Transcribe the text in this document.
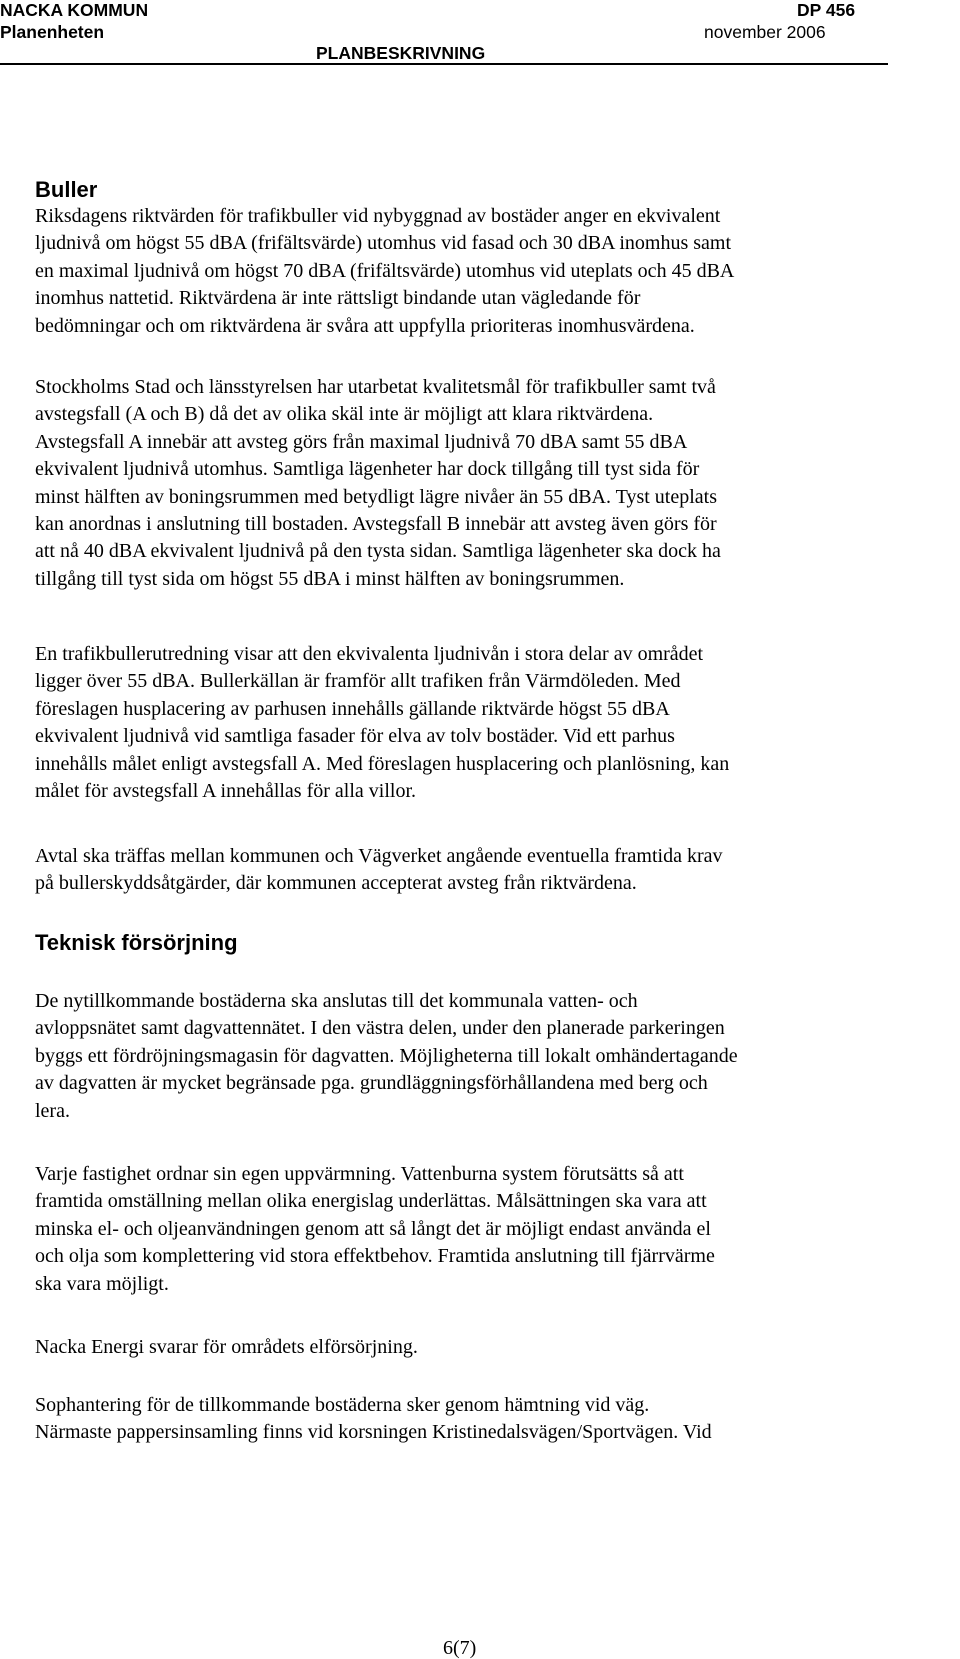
NACKA KOMMUN	DP 456
Planenheten	november 2006
PLANBESKRIVNING
Buller

Riksdagens riktvärden för trafikbuller vid nybyggnad av bostäder anger en ekvivalent
ljudnivå om högst 55 dBA (frifältsvärde) utomhus vid fasad och 30 dBA inomhus samt
en maximal ljudnivå om högst 70 dBA (frifältsvärde) utomhus vid uteplats och 45 dBA
inomhus nattetid. Riktvärdena är inte rättsligt bindande utan vägledande för
bedömningar och om riktvärdena är svåra att uppfylla prioriteras inomhusvärdena.

Stockholms Stad och länsstyrelsen har utarbetat kvalitetsmål för trafikbuller samt två
avstegsfall (A och B) då det av olika skäl inte är möjligt att klara riktvärdena.
Avstegsfall A innebär att avsteg görs från maximal ljudnivå 70 dBA samt 55 dBA
ekvivalent ljudnivå utomhus. Samtliga lägenheter har dock tillgång till tyst sida för
minst hälften av boningsrummen med betydligt lägre nivåer än 55 dBA. Tyst uteplats
kan anordnas i anslutning till bostaden. Avstegsfall B innebär att avsteg även görs för
att nå 40 dBA ekvivalent ljudnivå på den tysta sidan. Samtliga lägenheter ska dock ha
tillgång till tyst sida om högst 55 dBA i minst hälften av boningsrummen.

En trafikbullerutredning visar att den ekvivalenta ljudnivån i stora delar av området
ligger över 55 dBA. Bullerkällan är framför allt trafiken från Värmdöleden. Med
föreslagen husplacering av parhusen innehålls gällande riktvärde högst 55 dBA
ekvivalent ljudnivå vid samtliga fasader för elva av tolv bostäder. Vid ett parhus
innehålls målet enligt avstegsfall A. Med föreslagen husplacering och planlösning, kan
målet för avstegsfall A innehållas för alla villor.

Avtal ska träffas mellan kommunen och Vägverket angående eventuella framtida krav
på bullerskyddsåtgärder, där kommunen accepterat avsteg från riktvärdena.

Teknisk försörjning

De nytillkommande bostäderna ska anslutas till det kommunala vatten- och
avloppsnätet samt dagvattennätet. I den västra delen, under den planerade parkeringen
byggs ett fördröjningsmagasin för dagvatten. Möjligheterna till lokalt omhändertagande
av dagvatten är mycket begränsade pga. grundläggningsförhållandena med berg och
lera.

Varje fastighet ordnar sin egen uppvärmning. Vattenburna system förutsätts så att
framtida omställning mellan olika energislag underlättas. Målsättningen ska vara att
minska el- och oljeanvändningen genom att så långt det är möjligt endast använda el
och olja som komplettering vid stora effektbehov. Framtida anslutning till fjärrvärme
ska vara möjligt.

Nacka Energi svarar för områdets elförsörjning.

Sophantering för de tillkommande bostäderna sker genom hämtning vid väg.
Närmaste pappersinsamling finns vid korsningen Kristinedalsvägen/Sportvägen. Vid

6(7)
